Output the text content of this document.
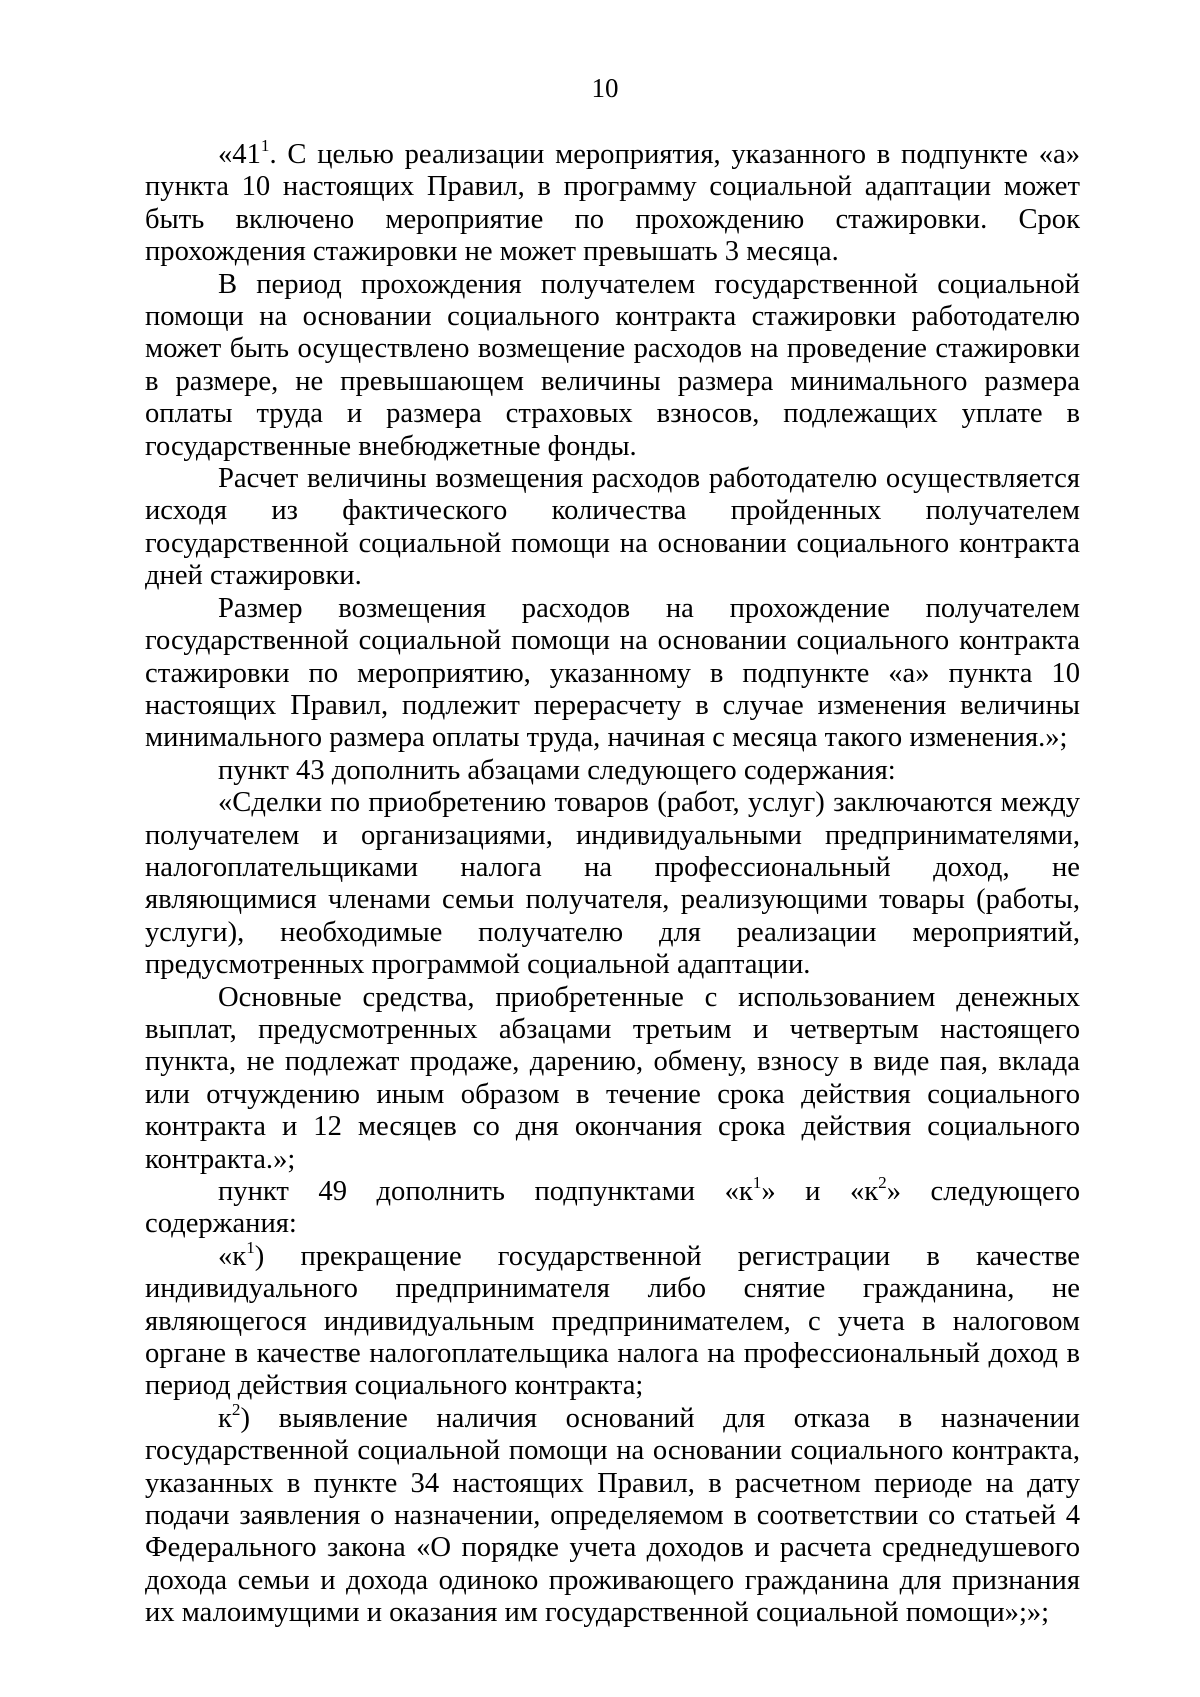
10

«$41^1$. С целью реализации мероприятия, указанного в подпункте «а» пункта 10 настоящих Правил, в программу социальной адаптации может быть включено мероприятие по прохождению стажировки. Срок прохождения стажировки не может превышать 3 месяца.

В период прохождения получателем государственной социальной помощи на основании социального контракта стажировки работодателю может быть осуществлено возмещение расходов на проведение стажировки в размере, не превышающем величины размера минимального размера оплаты труда и размера страховых взносов, подлежащих уплате в государственные внебюджетные фонды.

Расчет величины возмещения расходов работодателю осуществляется исходя из фактического количества пройденных получателем государственной социальной помощи на основании социального контракта дней стажировки.

Размер возмещения расходов на прохождение получателем государственной социальной помощи на основании социального контракта стажировки по мероприятию, указанному в подпункте «а» пункта 10 настоящих Правил, подлежит перерасчету в случае изменения величины минимального размера оплаты труда, начиная с месяца такого изменения.»;

пункт 43 дополнить абзацами следующего содержания:

«Сделки по приобретению товаров (работ, услуг) заключаются между получателем и организациями, индивидуальными предпринимателями, налогоплательщиками налога на профессиональный доход, не являющимися членами семьи получателя, реализующими товары (работы, услуги), необходимые получателю для реализации мероприятий, предусмотренных программой социальной адаптации.

Основные средства, приобретенные с использованием денежных выплат, предусмотренных абзацами третьим и четвертым настоящего пункта, не подлежат продаже, дарению, обмену, взносу в виде пая, вклада или отчуждению иным образом в течение срока действия социального контракта и 12 месяцев со дня окончания срока действия социального контракта.»;

пункт 49 дополнить подпунктами «$к^1$» и «$к^2$» следующего содержания:

«$к^1$) прекращение государственной регистрации в качестве индивидуального предпринимателя либо снятие гражданина, не являющегося индивидуальным предпринимателем, с учета в налоговом органе в качестве налогоплательщика налога на профессиональный доход в период действия социального контракта;

$к^2$) выявление наличия оснований для отказа в назначении государственной социальной помощи на основании социального контракта, указанных в пункте 34 настоящих Правил, в расчетном периоде на дату подачи заявления о назначении, определяемом в соответствии со статьей 4 Федерального закона «О порядке учета доходов и расчета среднедушевого дохода семьи и дохода одиноко проживающего гражданина для признания их малоимущими и оказания им государственной социальной помощи»;»;
